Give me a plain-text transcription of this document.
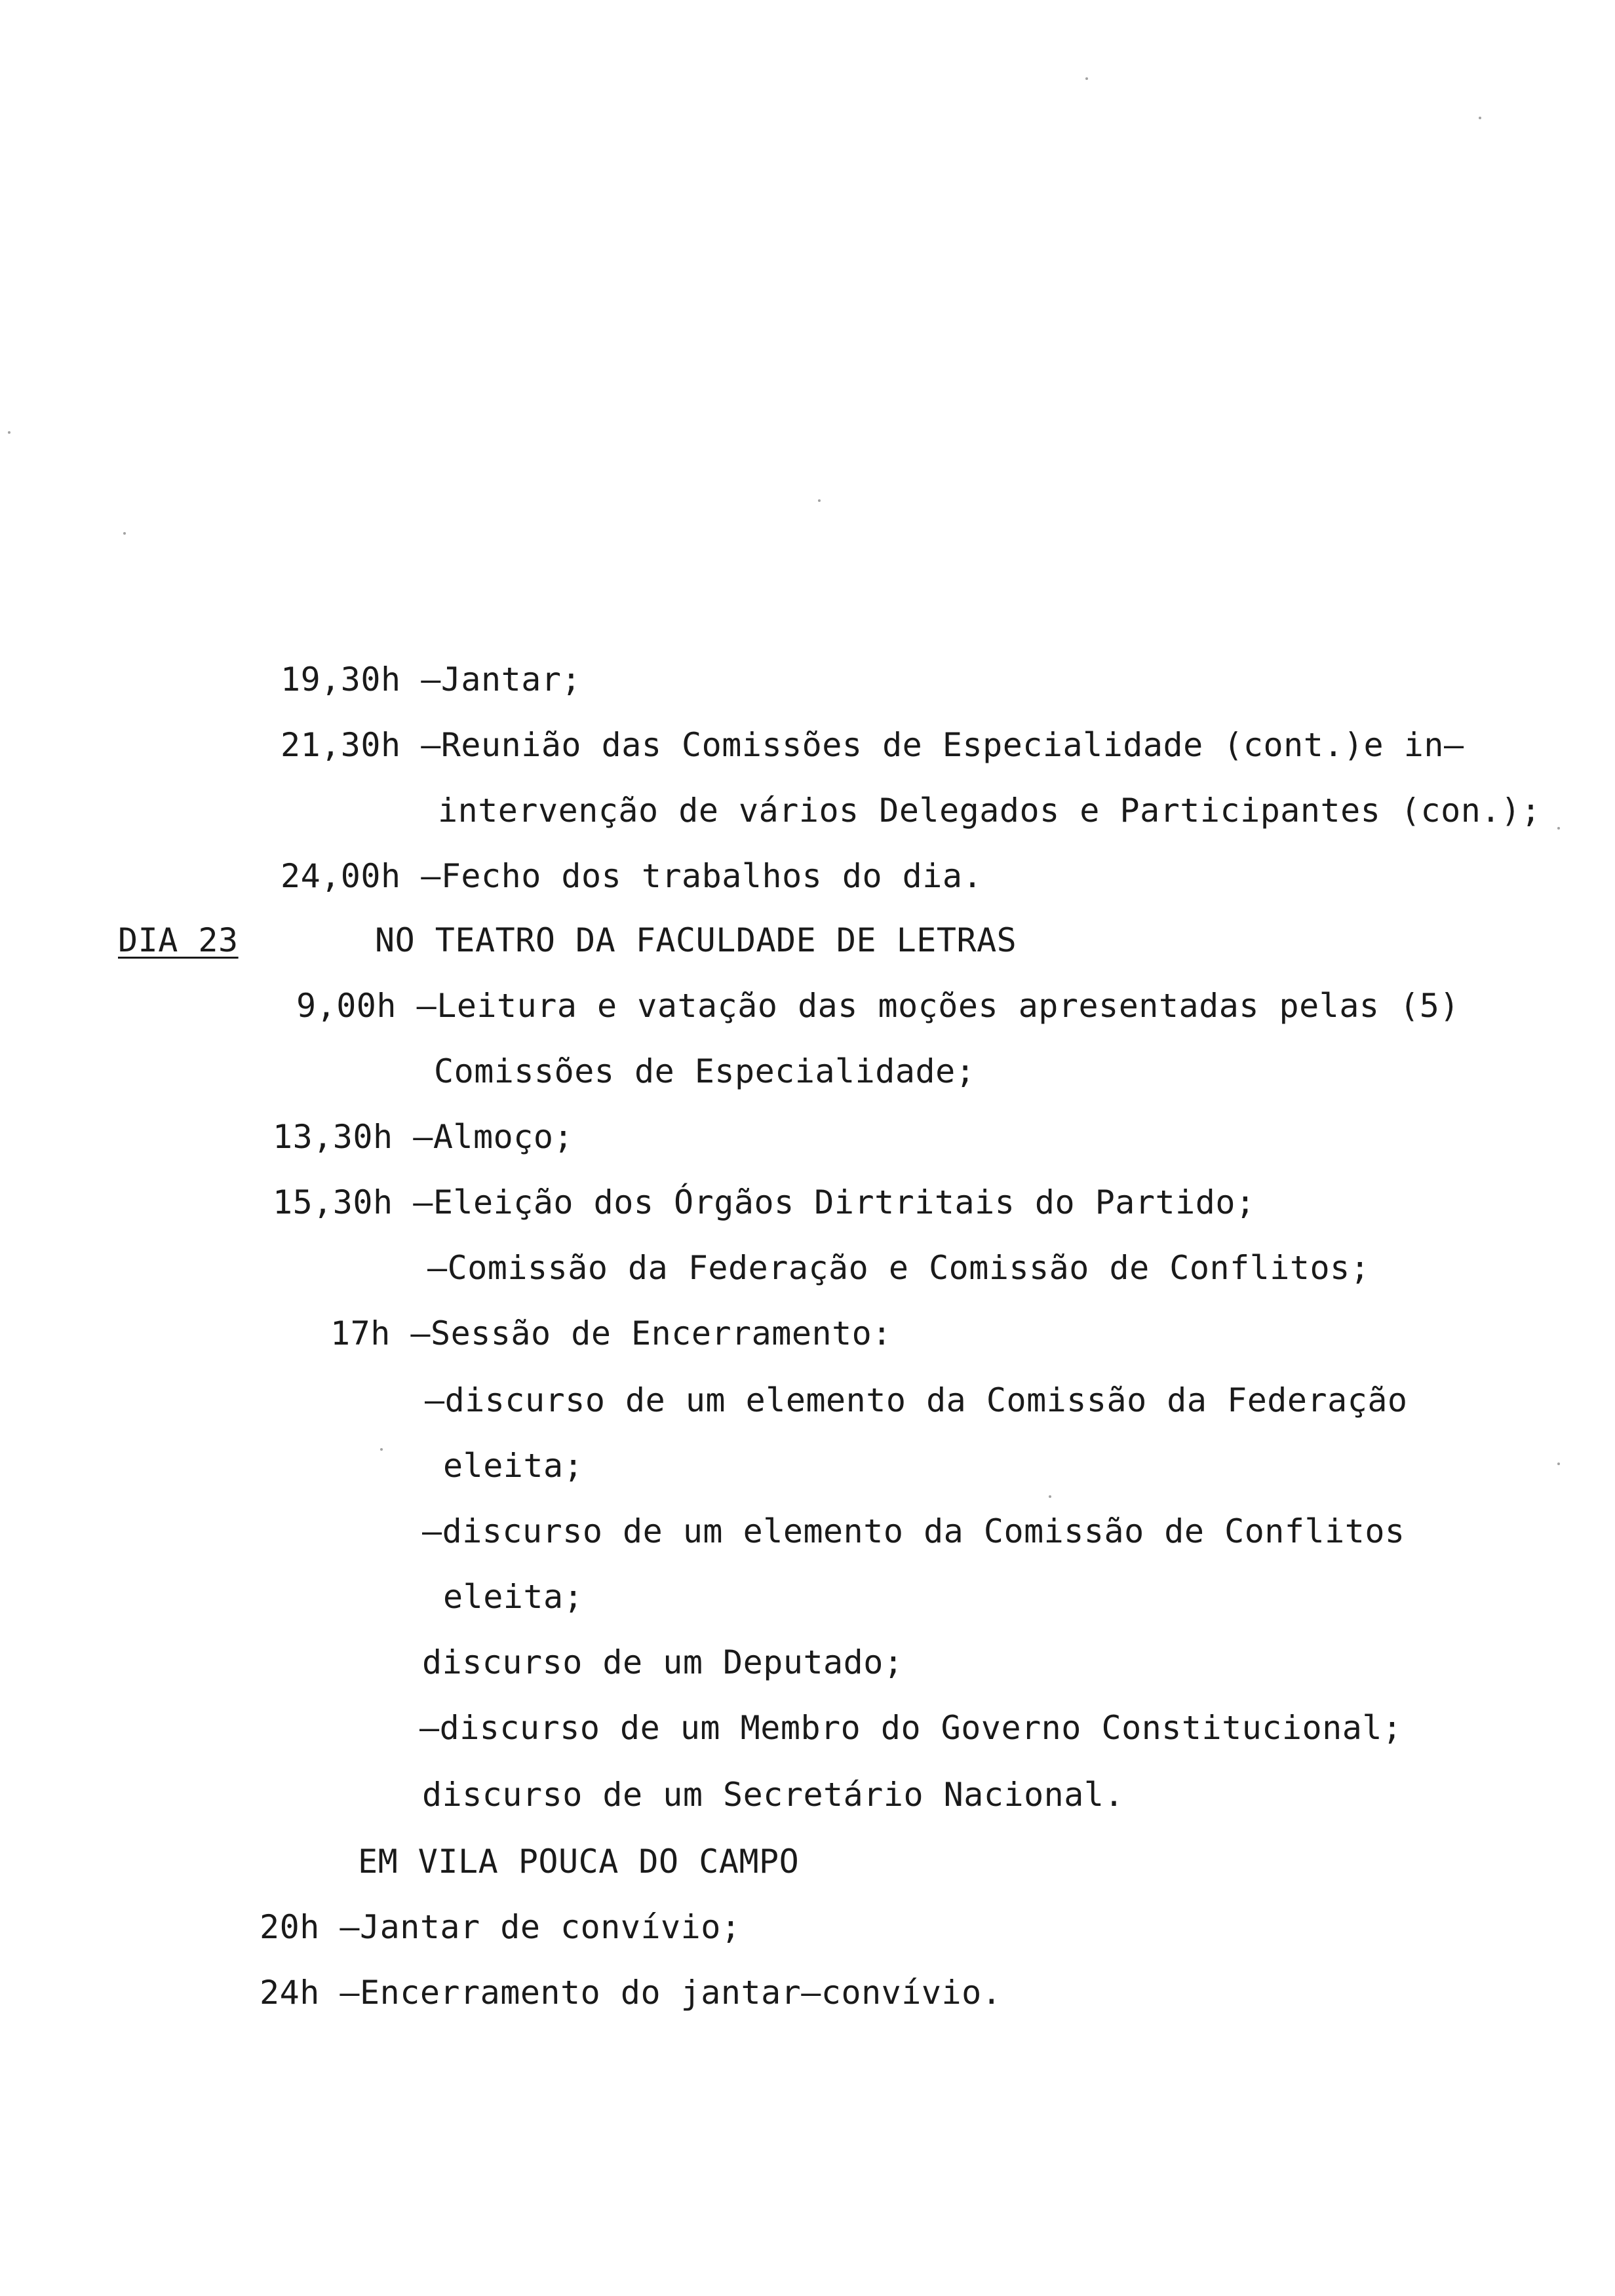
19,30h –Jantar;
21,30h –Reunião das Comissões de Especialidade (cont.)e in–
intervenção de vários Delegados e Participantes (con.);
24,00h –Fecho dos trabalhos do dia.
DIA 23	NO TEATRO DA FACULDADE DE LETRAS
9,00h –Leitura e vatação das moções apresentadas pelas (5)
Comissões de Especialidade;
13,30h –Almoço;
15,30h –Eleição dos Órgãos Dirtritais do Partido;
–Comissão da Federação e Comissão de Conflitos;
17h –Sessão de Encerramento:
–discurso de um elemento da Comissão da Federação
eleita;
–discurso de um elemento da Comissão de Conflitos
eleita;
discurso de um Deputado;
–discurso de um Membro do Governo Constitucional;
discurso de um Secretário Nacional.
EM VILA POUCA DO CAMPO
20h –Jantar de convívio;
24h –Encerramento do jantar–convívio.
